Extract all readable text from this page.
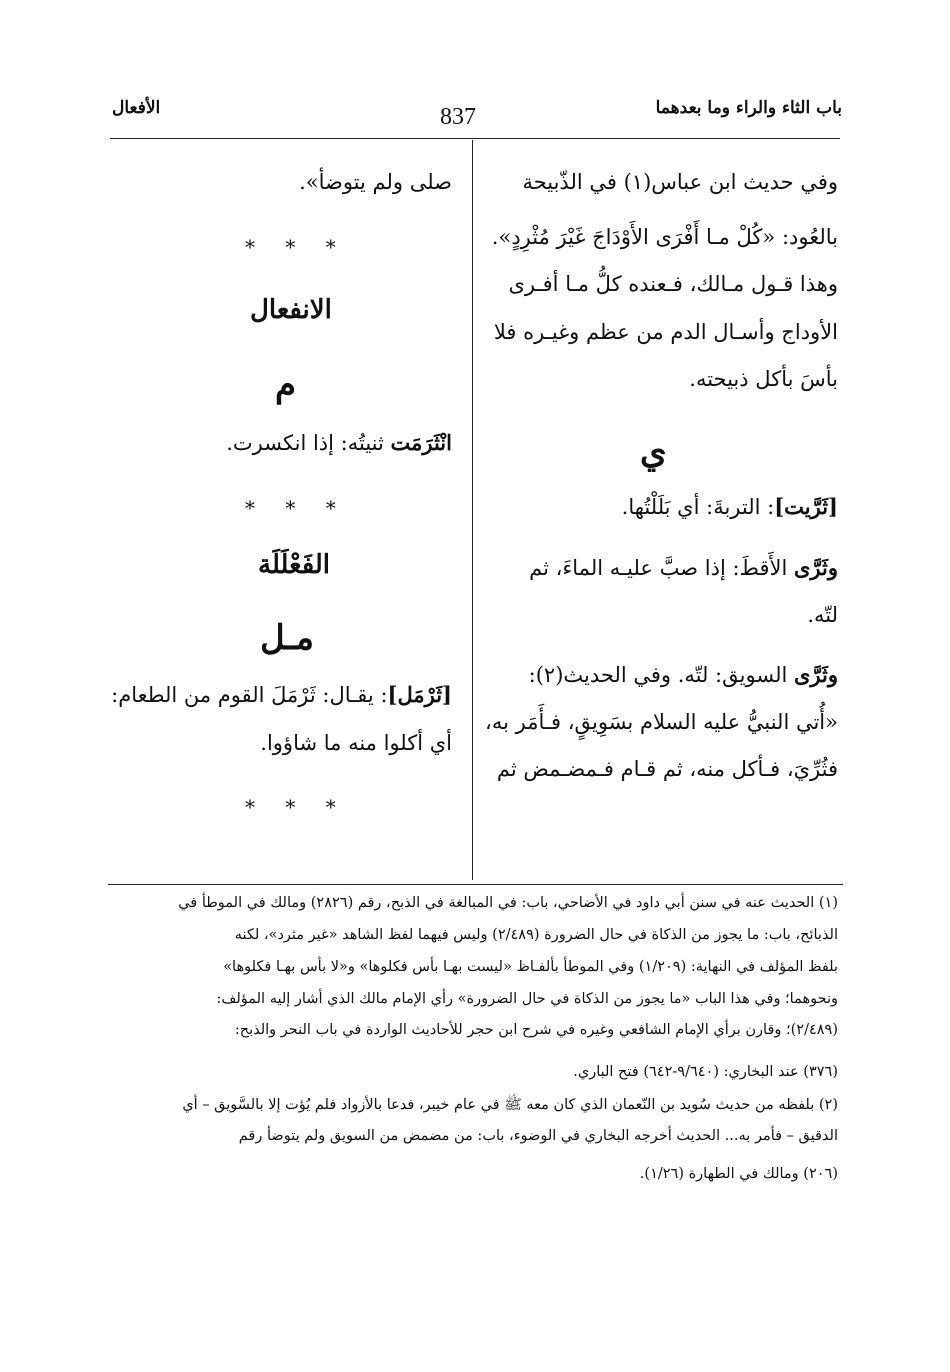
باب الثاء والراء وما بعدهما
837
الأفعال
وفي حديث ابن عباس(١) في الذّبيحة
بالعُود: «كُلْ مـا أَفْرَى الأَوْدَاجَ غَيْرَ مُثْرِدٍ».
وهذا قـول مـالك، فـعنده كلُّ مـا أفـرى
الأوداج وأسـال الدم من عظم وغيـره فلا
بأسَ بأكل ذبيحته.
ي
[ثَرَّيت]: التربةَ: أي بَلَلْتُها.
وثَرَّى الأَقطَ: إذا صبَّ عليـه الماءَ، ثم
لتّه.
وثَرَّى السويق: لتّه. وفي الحديث(٢):
«أُتي النبيُّ عليه السلام بسَوِيقٍ، فـأَمَر به،
فثُرِّيَ، فـأكل منه، ثم قـام فـمضـمض ثم
صلى ولم يتوضأ».
* * *
الانفعال
م
انْثَرَمَت ثنيتُه: إذا انكسرت.
* * *
الفَعْلَلَة
مـل
[ثَرْمَل]: يقـال: ثَرْمَلَ القوم من الطعام:
أي أكلوا منه ما شاؤوا.
* * *
(١) الحديث عنه في سنن أبي داود في الأضاحي، باب: في المبالغة في الذبح، رقم (٢٨٢٦) ومالك في الموطأ في
الذبائح، باب: ما يجوز من الذكاة في حال الضرورة (٢/٤٨٩) وليس فيهما لفظ الشاهد «غير مثرد»، لكنه
بلفظ المؤلف في النهاية: (١/٢٠٩) وفي الموطأ بألفـاظ «ليست بهـا بأس فكلوها» و«لا بأس بهـا فكلوها»
ونحوهما؛ وفي هذا الباب «ما يجوز من الذكاة في حال الضرورة» رأي الإمام مالك الذي أشار إليه المؤلف:
(٢/٤٨٩)؛ وقارن برأي الإمام الشافعي وغيره في شرح ابن حجر للأحاديث الواردة في باب النحر والذبح:
(٣٧٦) عند البخاري: (٩/٦٤٠-٦٤٢) فتح الباري.
(٢) بلفظه من حديث سُويد بن النّعمان الذي كان معه ﷺ في عام خيبر، فدعا بالأزواد فلم يُؤت إلا بالسَّويق – أي
الدقيق – فأمر به... الحديث أخرجه البخاري في الوضوء، باب: من مضمض من السويق ولم يتوضأ رقم
(٢٠٦) ومالك في الطهارة (١/٢٦).
